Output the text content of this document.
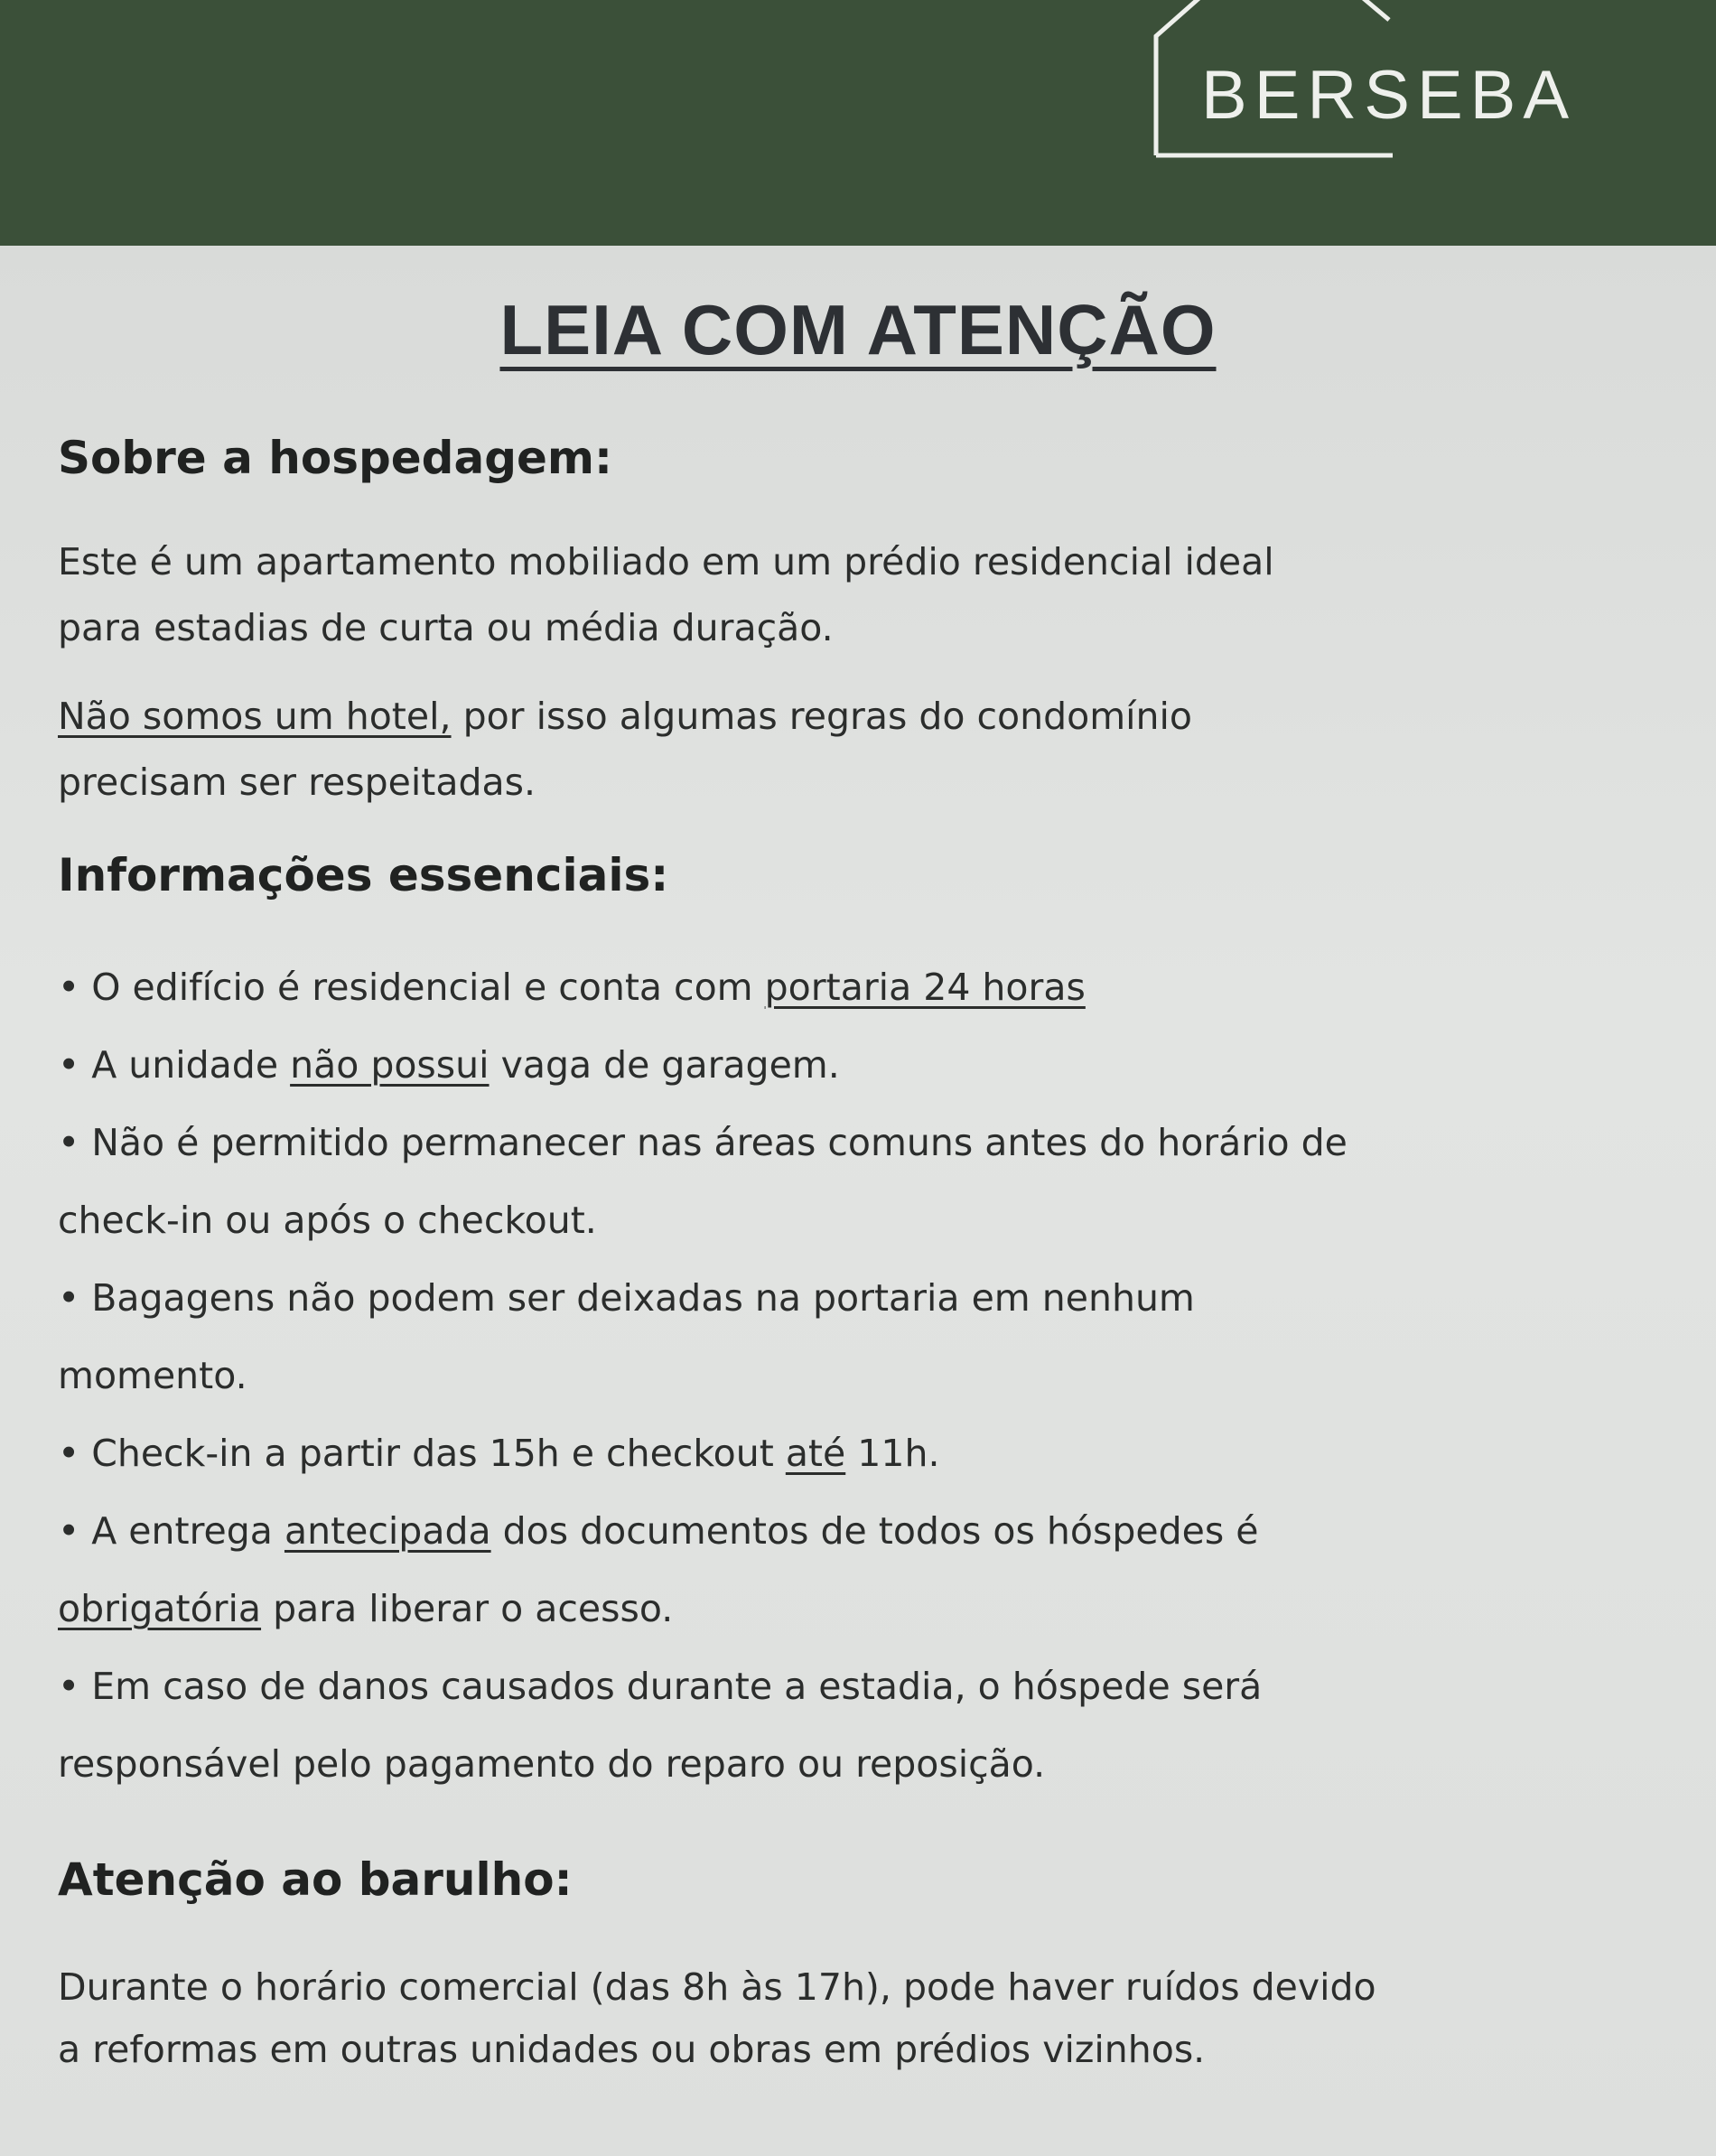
BERSEBA
LEIA COM ATENÇÃO
Sobre a hospedagem:
Este é um apartamento mobiliado em um prédio residencial ideal
para estadias de curta ou média duração.
Não somos um hotel, por isso algumas regras do condomínio
precisam ser respeitadas.
Informações essenciais:
• O edifício é residencial e conta com portaria 24 horas
• A unidade não possui vaga de garagem.
• Não é permitido permanecer nas áreas comuns antes do horário de
check-in ou após o checkout.
• Bagagens não podem ser deixadas na portaria em nenhum
momento.
• Check-in a partir das 15h e checkout até 11h.
• A entrega antecipada dos documentos de todos os hóspedes é
obrigatória para liberar o acesso.
• Em caso de danos causados durante a estadia, o hóspede será
responsável pelo pagamento do reparo ou reposição.
Atenção ao barulho:
Durante o horário comercial (das 8h às 17h), pode haver ruídos devido
a reformas em outras unidades ou obras em prédios vizinhos.
